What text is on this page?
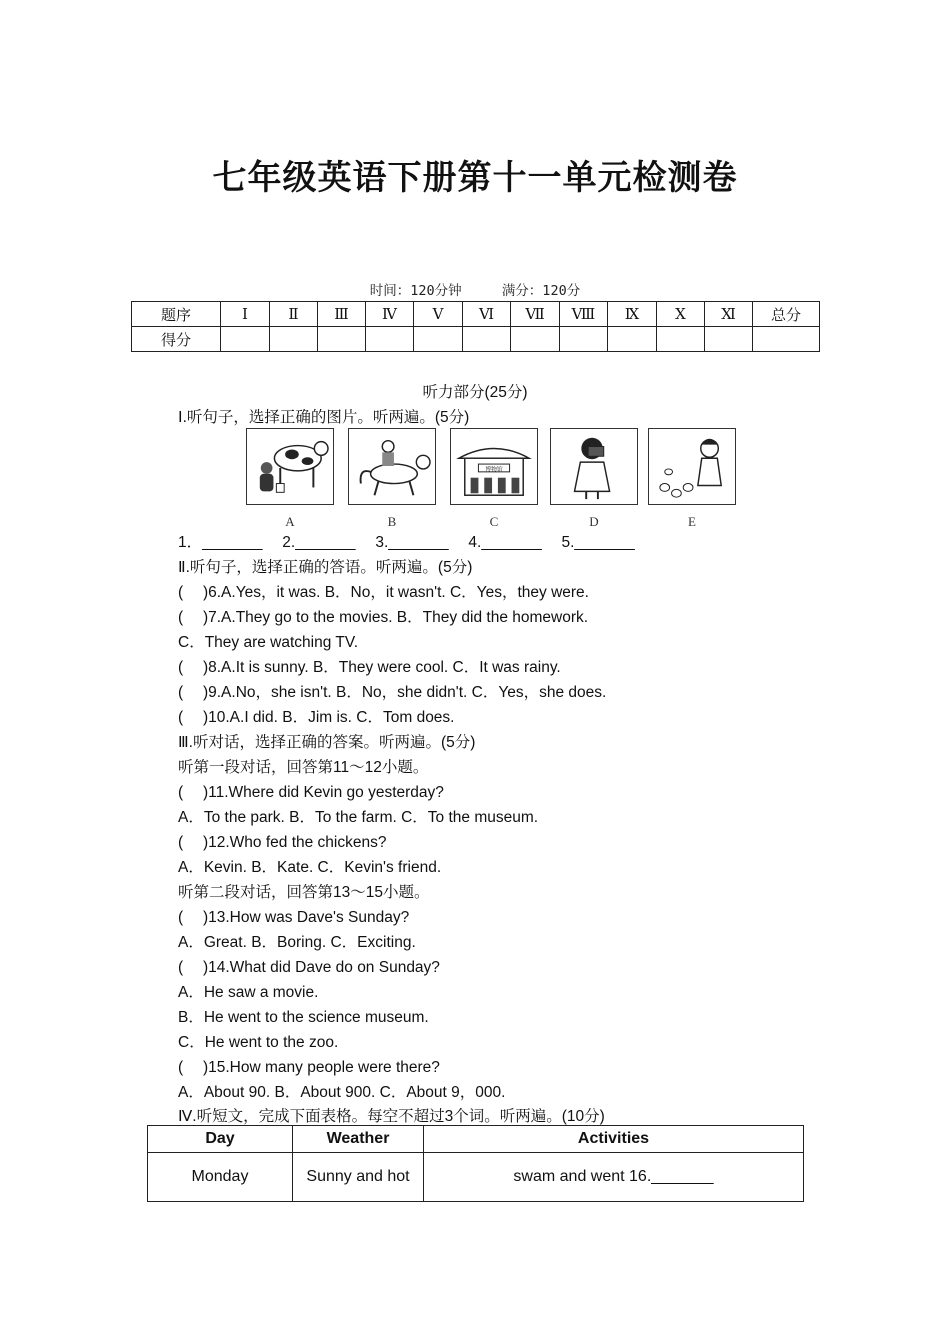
七年级英语下册第十一单元检测卷
时间：120分钟	满分：120分
题序	Ⅰ	Ⅱ	Ⅲ	Ⅳ	Ⅴ	Ⅵ	Ⅶ	Ⅷ	Ⅸ	Ⅹ	Ⅺ	总分
得分												
听力部分(25分)
Ⅰ.听句子，选择正确的图片。听两遍。(5分)
博物馆
A	B	C	D	E
1．_______　 2._______　 3._______　 4._______　 5._______
Ⅱ.听句子，选择正确的答语。听两遍。(5分)
(　 )6.A.Yes，it was. B．No，it wasn't. C．Yes，they were.
(　 )7.A.They go to the movies. B．They did the homework.
C．They are watching TV.
(　 )8.A.It is sunny. B．They were cool. C．It was rainy.
(　 )9.A.No，she isn't. B．No，she didn't. C．Yes，she does.
(　 )10.A.I did. B．Jim is. C．Tom does.
Ⅲ.听对话，选择正确的答案。听两遍。(5分)
听第一段对话，回答第11～12小题。
(　 )11.Where did Kevin go yesterday?
A．To the park. B．To the farm. C．To the museum.
(　 )12.Who fed the chickens?
A．Kevin. B．Kate. C．Kevin's friend.
听第二段对话，回答第13～15小题。
(　 )13.How was Dave's Sunday?
A．Great. B．Boring. C．Exciting.
(　 )14.What did Dave do on Sunday?
A．He saw a movie.
B．He went to the science museum.
C．He went to the zoo.
(　 )15.How many people were there?
A．About 90. B．About 900. C．About 9，000.
Ⅳ.听短文，完成下面表格。每空不超过3个词。听两遍。(10分)
Day	Weather	Activities
Monday	Sunny and hot	swam and went 16._______
